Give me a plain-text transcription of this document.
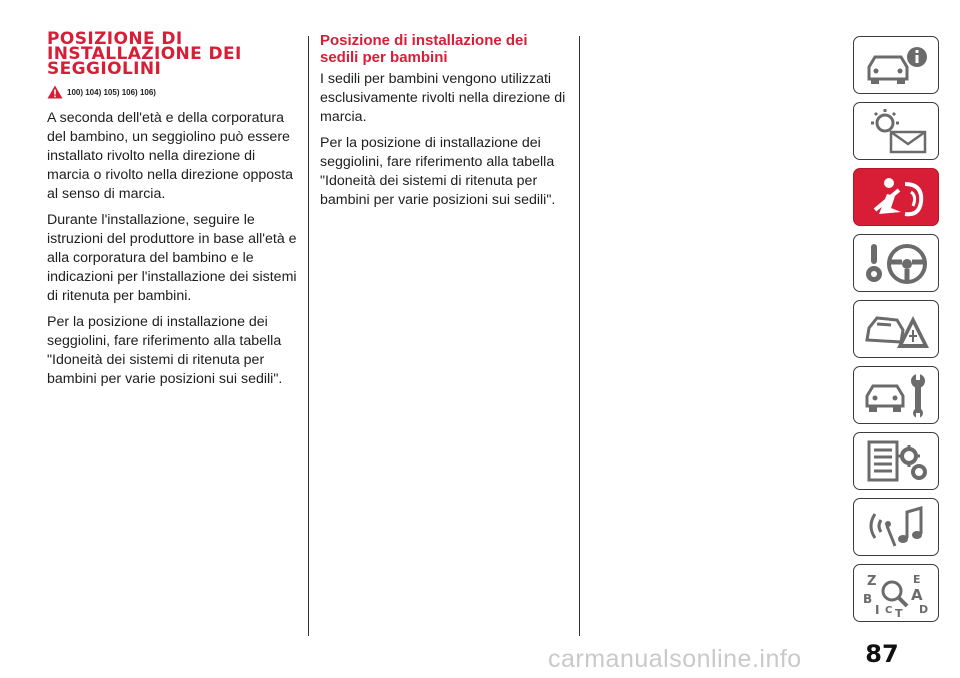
POSIZIONE DI INSTALLAZIONE DEI SEGGIOLINI
100) 104) 105) 106) 106)

A seconda dell'età e della corporatura del bambino, un seggiolino può essere installato rivolto nella direzione di marcia o rivolto nella direzione opposta al senso di marcia.

Durante l'installazione, seguire le istruzioni del produttore in base all'età e alla corporatura del bambino e le indicazioni per l'installazione dei sistemi di ritenuta per bambini.

Per la posizione di installazione dei seggiolini, fare riferimento alla tabella "Idoneità dei sistemi di ritenuta per bambini per varie posizioni sui sedili".

Posizione di installazione dei sedili per bambini

I sedili per bambini vengono utilizzati esclusivamente rivolti nella direzione di marcia.

Per la posizione di installazione dei seggiolini, fare riferimento alla tabella "Idoneità dei sistemi di ritenuta per bambini per varie posizioni sui sedili".

Z	E
B	A
D
I C T
87
carmanualsonline.info
